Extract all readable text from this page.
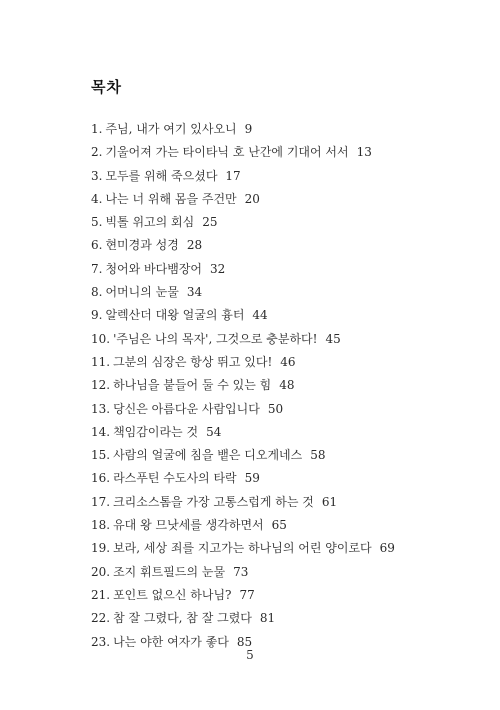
목차
1. 주님, 내가 여기 있사오니 9
2. 기울어져 가는 타이타닉 호 난간에 기대어 서서 13
3. 모두를 위해 죽으셨다 17
4. 나는 너 위해 몸을 주건만 20
5. 빅톨 위고의 회심 25
6. 현미경과 성경 28
7. 청어와 바다뱀장어 32
8. 어머니의 눈물 34
9. 알렉산더 대왕 얼굴의 흉터 44
10. '주님은 나의 목자', 그것으로 충분하다! 45
11. 그분의 심장은 항상 뛰고 있다! 46
12. 하나님을 붙들어 둘 수 있는 힘 48
13. 당신은 아름다운 사람입니다 50
14. 책임감이라는 것 54
15. 사람의 얼굴에 침을 뱉은 디오게네스 58
16. 라스푸틴 수도사의 타락 59
17. 크리소스톰을 가장 고통스럽게 하는 것 61
18. 유대 왕 므낫세를 생각하면서 65
19. 보라, 세상 죄를 지고가는 하나님의 어린 양이로다 69
20. 조지 휘트필드의 눈물 73
21. 포인트 없으신 하나님? 77
22. 참 잘 그렸다, 참 잘 그렸다 81
23. 나는 야한 여자가 좋다 85
5
